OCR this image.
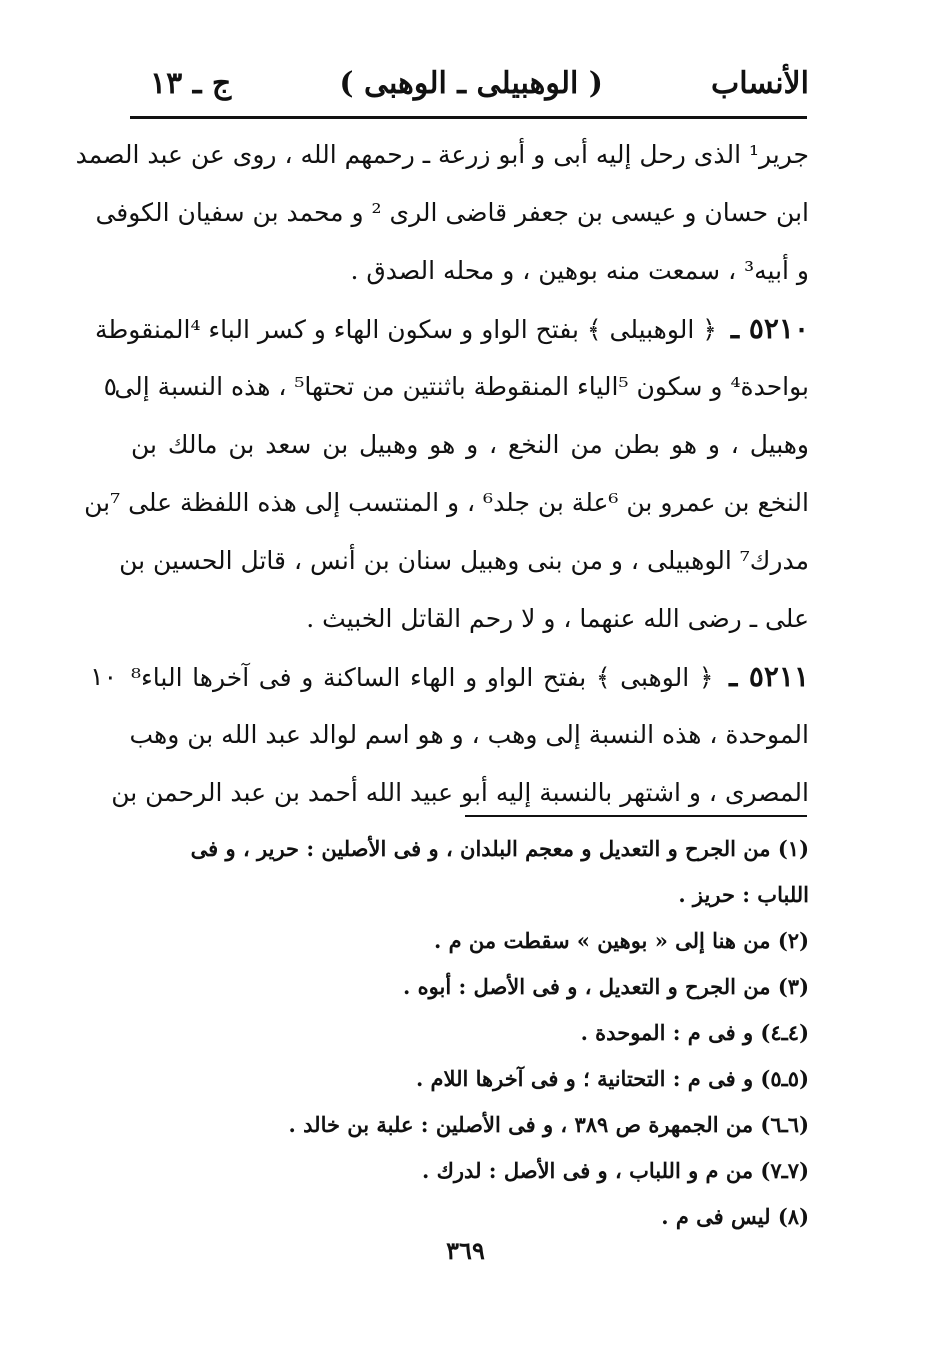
الأنساب
( الوهبيلى ـ الوهبى )
ج ـ ١٣
جرير¹ الذى رحل إليه أبى و أبو زرعة ـ رحمهم الله ، روى عن عبد الصمد
ابن حسان و عيسى بن جعفر قاضى الرى ² و محمد بن سفيان الكوفى
و أبيه³ ، سمعت منه بوهين ، و محله الصدق .
٥٢١٠ ـ ﴿ الوهبيلى ﴾ بفتح الواو و سكون الهاء و كسر الباء ⁴المنقوطة
بواحدة⁴ و سكون ⁵الياء المنقوطة باثنتين من تحتها⁵ ، هذه النسبة إلى
٥
وهبيل ، و هو بطن من النخع ، و هو وهبيل بن سعد بن مالك بن
النخع بن عمرو بن ⁶علة بن جلد⁶ ، و المنتسب إلى هذه اللفظة على ⁷بن
مدرك⁷ الوهبيلى ، و من بنى وهبيل سنان بن أنس ، قاتل الحسين بن
على ـ رضى الله عنهما ، و لا رحم القاتل الخبيث .
٥٢١١ ـ ﴿ الوهبى ﴾ بفتح الواو و الهاء الساكنة و فى آخرها الباء⁸
١٠
الموحدة ، هذه النسبة إلى وهب ، و هو اسم لوالد عبد الله بن وهب
المصرى ، و اشتهر بالنسبة إليه أبو عبيد الله أحمد بن عبد الرحمن بن
(١) من الجرح و التعديل و معجم البلدان ، و فى الأصلين : حرير ، و فى
اللباب : حريز .
(٢) من هنا إلى « بوهين » سقطت من م .
(٣) من الجرح و التعديل ، و فى الأصل : أبوه .
(٤ـ٤) و فى م : الموحدة .
(٥ـ٥) و فى م : التحتانية ؛ و فى آخرها اللام .
(٦ـ٦) من الجمهرة ص ٣٨٩ ، و فى الأصلين : علبة بن خالد .
(٧ـ٧) من م و اللباب ، و فى الأصل : لدرك .
(٨) ليس فى م .
٣٦٩
